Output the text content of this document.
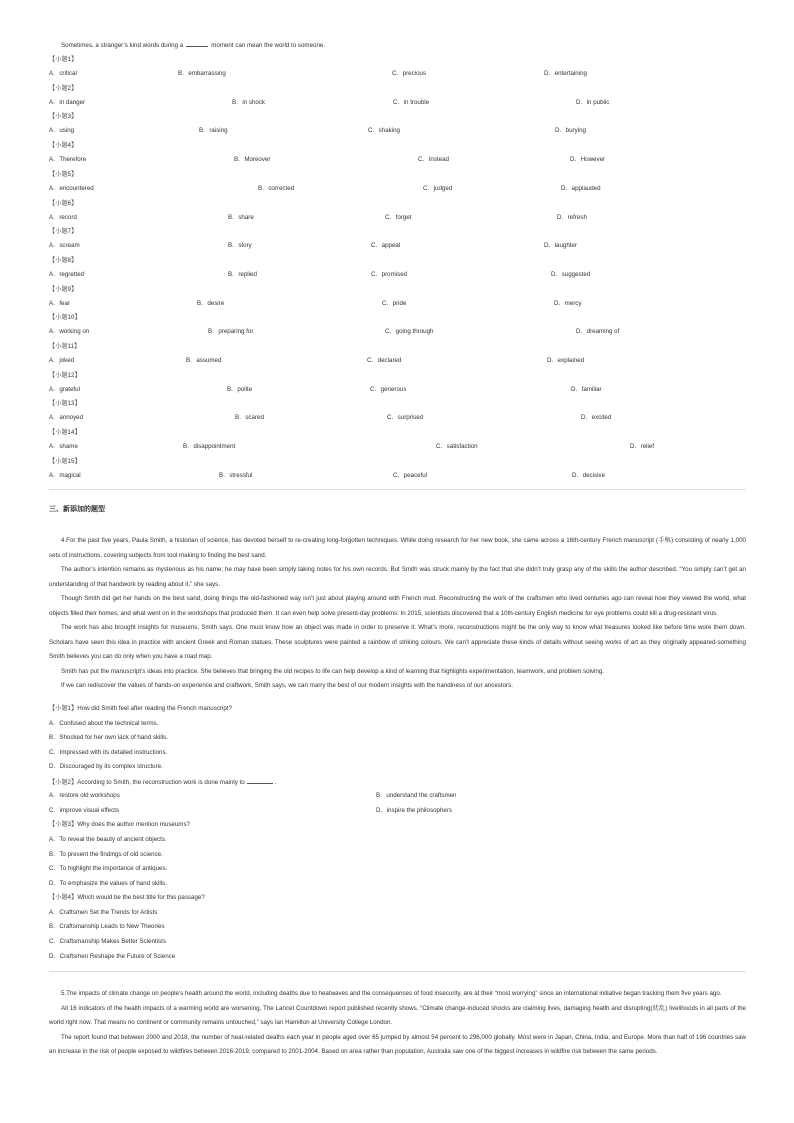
Sometimes, a stranger’s kind words during a	moment can mean the world to someone.
【小题1】
A．critical	B．embarrassing	C．precious	D．entertaining
【小题2】
A．in danger	B．in shock	C．in trouble	D．in public
【小题3】
A．using	B．raising	C．shaking	D．burying
【小题4】
A．Therefore	B．Moreover	C．Instead	D．However
【小题5】
A．encountered	B．corrected	C．judged	D．applauded
【小题6】
A．record	B．share	C．forget	D．refresh
【小题7】
A．scream	B．story	C．appeal	D．laughter
【小题8】
A．regretted	B．replied	C．promised	D．suggested
【小题9】
A．fear	B．desire	C．pride	D．mercy
【小题10】
A．working on	B．preparing for	C．going through	D．dreaming of
【小题11】
A．joked	B．assumed	C．declared	D．explained
【小题12】
A．grateful	B．polite	C．generous	D．familiar
【小题13】
A．annoyed	B．scared	C．surprised	D．excited
【小题14】
A．shame	B．disappointment	C．satisfaction	D．relief
【小题15】
A．magical	B．stressful	C．peaceful	D．decisive
三、新添加的题型
4.For the past five years, Paula Smith, a historian of science, has devoted herself to re-creating long-forgotten techniques. While doing research for her new book, she came across a 16th-century French manuscript (手稿) consisting of nearly 1,000 sets of instructions, covering subjects from tool making to finding the best sand.
The author’s intention remains as mysterious as his name; he may have been simply taking notes for his own records. But Smith was struck mainly by the fact that she didn’t truly grasp any of the skills the author described. “You simply can’t get an understanding of that handwork by reading about it,” she says.
Though Smith did get her hands on the best sand, doing things the old-fashioned way isn’t just about playing around with French mud. Reconstructing the work of the craftsmen who lived centuries ago can reveal how they viewed the world, what objects filled their homes, and what went on in the workshops that produced them. It can even help solve present-day problems: In 2015, scientists discovered that a 10th-century English medicine for eye problems could kill a drug-resistant virus.
The work has also brought insights for museums, Smith says. One must know how an object was made in order to preserve it. What’s more, reconstructions might be the only way to know what treasures looked like before time wore them down. Scholars have seen this idea in practice with ancient Greek and Roman statues. These sculptures were painted a rainbow of striking colours. We can’t appreciate these kinds of details without seeing works of art as they originally appeared-something Smith believes you can do only when you have a road map.
Smith has put the manuscript’s ideas into practice. She believes that bringing the old recipes to life can help develop a kind of learning that highlights experimentation, teamwork, and problem solving.
If we can rediscover the values of hands-on experience and craftwork, Smith says, we can marry the best of our modern insights with the handiness of our ancestors.
【小题1】How did Smith feel after reading the French manuscript?
A．Confused about the technical terms.
B．Shocked for her own lack of hand skills.
C．Impressed with its detailed instructions.
D．Discouraged by its complex structure.
【小题2】According to Smith, the reconstruction work is done mainly to	.
A．restore old workshops	B．understand the craftsmen
C．improve visual effects	D．inspire the philosophers
【小题3】Why does the author mention museums?
A．To reveal the beauty of ancient objects.
B．To present the findings of old science.
C．To highlight the importance of antiques.
D．To emphasize the values of hand skills.
【小题4】Which would be the best title for this passage?
A．Craftsmen Set the Trends for Artists
B．Craftsmanship Leads to New Theories
C．Craftsmanship Makes Better Scientists
D．Craftsmen Reshape the Future of Science
5.The impacts of climate change on people’s health around the world, including deaths due to heatwaves and the consequences of food insecurity, are at their “most worrying” since an international initiative began tracking them five years ago.
All 16 indicators of the health impacts of a warming world are worsening, The Lancet Countdown report published recently shows. “Climate change-induced shocks are claiming lives, damaging health and disrupting(扰乱) livelihoods in all parts of the world right now. That means no continent or community remains untouched,” says Ian Hamilton at University College London.
The report found that between 2000 and 2018, the number of heat-related deaths each year in people aged over 65 jumped by almost 54 percent to 296,000 globally. Most were in Japan, China, India, and Europe. More than half of 196 countries saw an increase in the risk of people exposed to wildfires between 2016-2019, compared to 2001-2004. Based on area rather than population, Australia saw one of the biggest increases in wildfire risk between the same periods.
